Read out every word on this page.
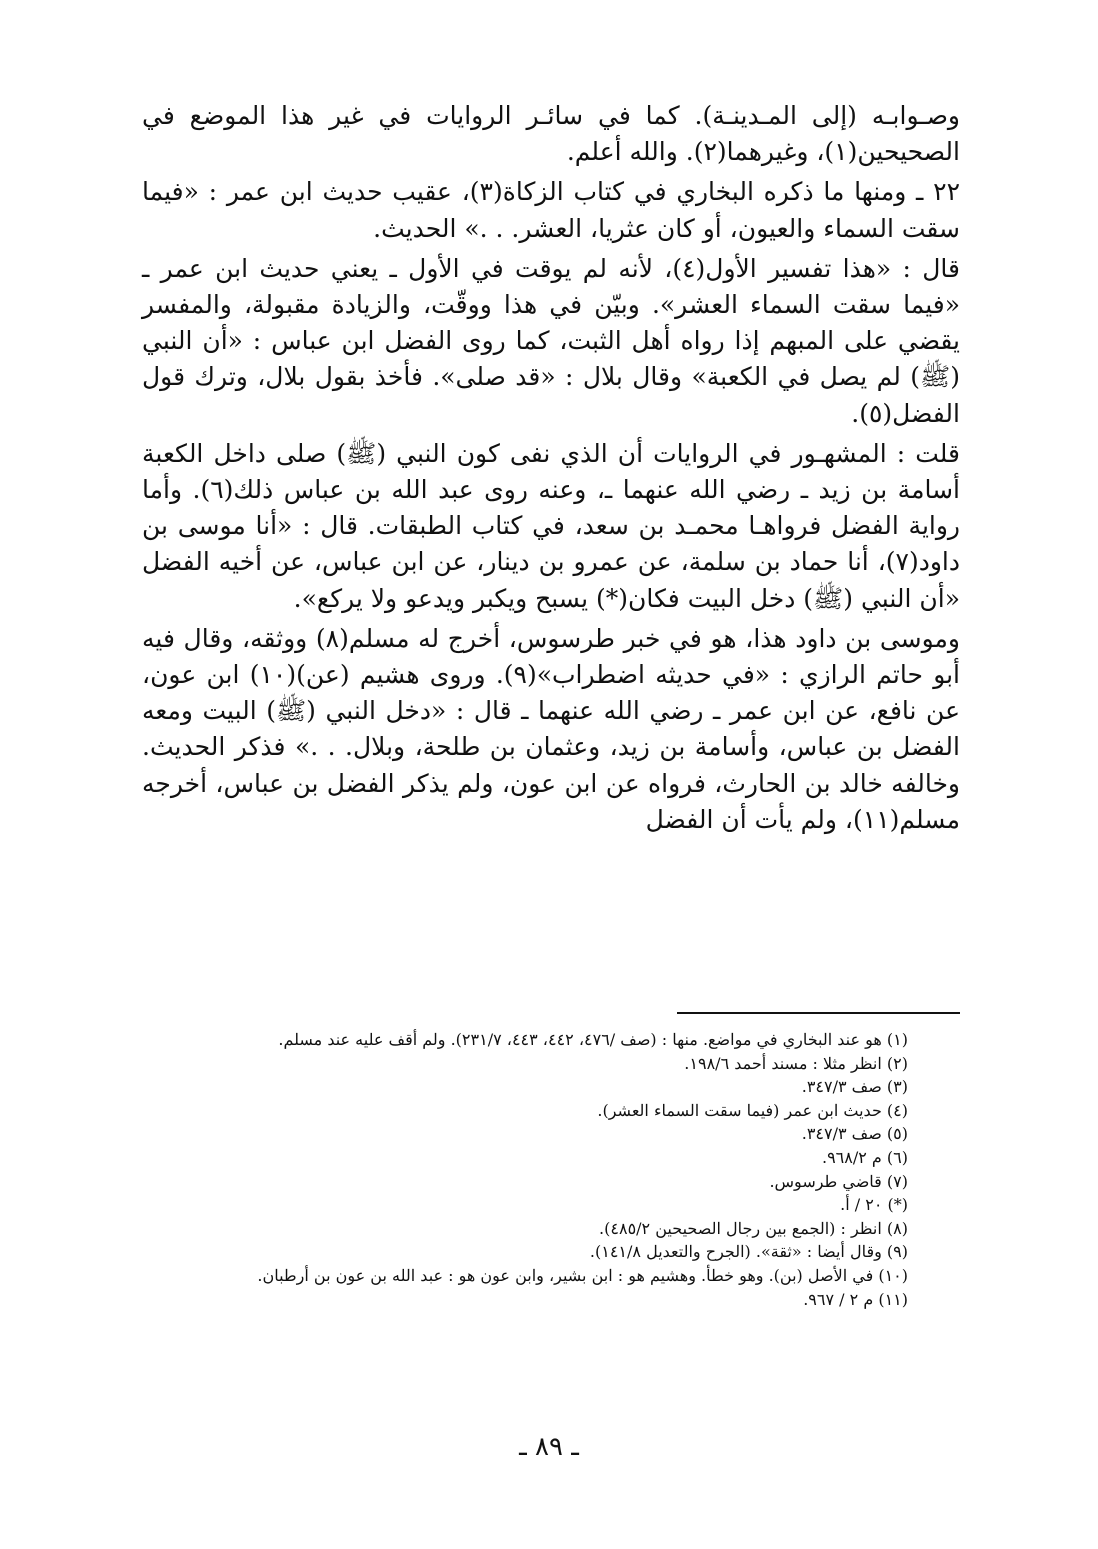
وصـوابـه (إلى المـدينـة). كما في سائـر الروايات في غير هذا الموضع في الصحيحين(١)، وغيرهما(٢). والله أعلم.

٢٢ ـ ومنها ما ذكره البخاري في كتاب الزكاة(٣)، عقيب حديث ابن عمر : «فيما سقت السماء والعيون، أو كان عثريا، العشر. . .» الحديث.

قال : «هذا تفسير الأول(٤)، لأنه لم يوقت في الأول ـ يعني حديث ابن عمر ـ «فيما سقت السماء العشر». وبيّن في هذا ووقّت، والزيادة مقبولة، والمفسر يقضي على المبهم إذا رواه أهل الثبت، كما روى الفضل ابن عباس : «أن النبي (ﷺ) لم يصل في الكعبة» وقال بلال : «قد صلى». فأخذ بقول بلال، وترك قول الفضل(٥).

قلت : المشهـور في الروايات أن الذي نفى كون النبي (ﷺ) صلى داخل الكعبة أسامة بن زيد ـ رضي الله عنهما ـ، وعنه روى عبد الله بن عباس ذلك(٦). وأما رواية الفضل فرواهـا محمـد بن سعد، في كتاب الطبقات. قال : «أنا موسى بن داود(٧)، أنا حماد بن سلمة، عن عمرو بن دينار، عن ابن عباس، عن أخيه الفضل «أن النبي (ﷺ) دخل البيت فكان(*) يسبح ويكبر ويدعو ولا يركع».

وموسى بن داود هذا، هو في خبر طرسوس، أخرج له مسلم(٨) ووثقه، وقال فيه أبو حاتم الرازي : «في حديثه اضطراب»(٩). وروى هشيم (عن)(١٠) ابن عون، عن نافع، عن ابن عمر ـ رضي الله عنهما ـ قال : «دخل النبي (ﷺ) البيت ومعه الفضل بن عباس، وأسامة بن زيد، وعثمان بن طلحة، وبلال. . .» فذكر الحديث. وخالفه خالد بن الحارث، فرواه عن ابن عون، ولم يذكر الفضل بن عباس، أخرجه مسلم(١١)، ولم يأت أن الفضل

(١) هو عند البخاري في مواضع. منها : (صف /٤٧٦، ٤٤٢، ٤٤٣، ٢٣١/٧). ولم أقف عليه عند مسلم.

(٢) انظر مثلا : مسند أحمد ١٩٨/٦.

(٣) صف ٣٤٧/٣.

(٤) حديث ابن عمر (فيما سقت السماء العشر).

(٥) صف ٣٤٧/٣.

(٦) م ٩٦٨/٢.

(٧) قاضي طرسوس.

(*) ٢٠ / أ.

(٨) انظر : (الجمع بين رجال الصحيحين ٤٨٥/٢).

(٩) وقال أيضا : «ثقة». (الجرح والتعديل ١٤١/٨).

(١٠) في الأصل (بن). وهو خطأ. وهشيم هو : ابن بشير، وابن عون هو : عبد الله بن عون بن أرطبان.

(١١) م ٢ / ٩٦٧.

ـ ٨٩ ـ
